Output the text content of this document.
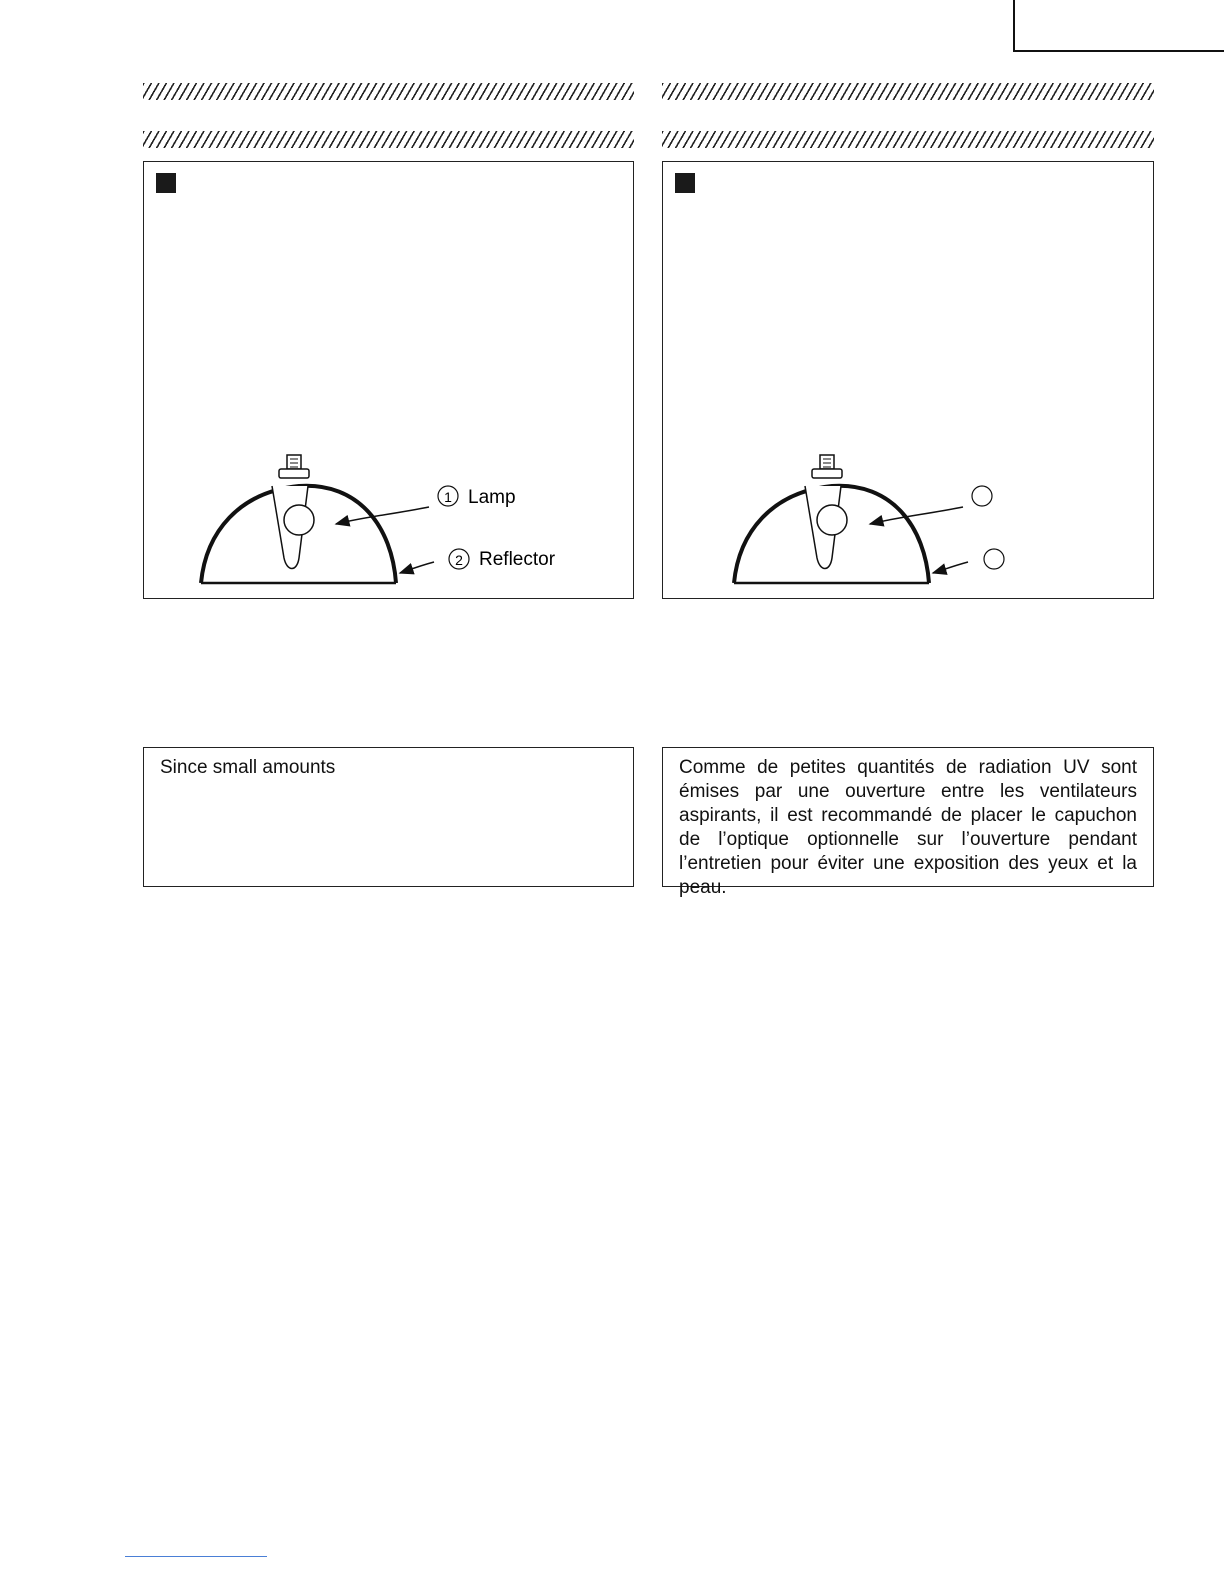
1 Lamp
2 Reflector
Since small amounts	Comme de petites quantités de radiation UV sont émises par une ouverture entre les ventilateurs aspirants, il est recommandé de placer le capuchon de l’optique optionnelle sur l’ouverture pendant l’entretien pour éviter une exposition des yeux et la peau.
